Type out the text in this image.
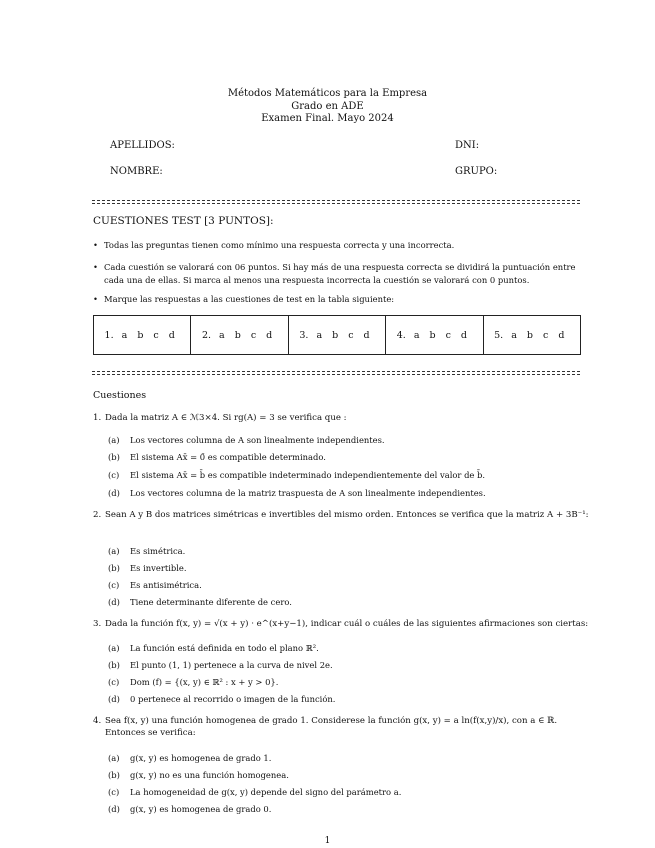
Métodos Matemáticos para la Empresa
Grado en ADE
Examen Final. Mayo 2024
APELLIDOS:	DNI:
NOMBRE:	GRUPO:
CUESTIONES TEST [3 PUNTOS]:
• Todas las preguntas tienen como mínimo una respuesta correcta y una incorrecta.
• Cada cuestión se valorará con 06 puntos. Si hay más de una respuesta correcta se dividirá la puntuación entre cada una de ellas. Si marca al menos una respuesta incorrecta la cuestión se valorará con 0 puntos.
• Marque las respuestas a las cuestiones de test en la tabla siguiente:
1. a b c d	2. a b c d	3. a b c d	4. a b c d	5. a b c d
Cuestiones
1. Dada la matriz A ∈ ℳ3×4. Si rg(A) = 3 se verifica que :
(a) Los vectores columna de A son linealmente independientes.
(b) El sistema Ax̄ = 0̄ es compatible determinado.
(c) El sistema Ax̄ = b̄ es compatible indeterminado independientemente del valor de b̄.
(d) Los vectores columna de la matriz traspuesta de A son linealmente independientes.
2. Sean A y B dos matrices simétricas e invertibles del mismo orden. Entonces se verifica que la matriz A + 3B⁻¹:
(a) Es simétrica.
(b) Es invertible.
(c) Es antisimétrica.
(d) Tiene determinante diferente de cero.
3. Dada la función f(x, y) = √(x + y) · e^(x+y−1), indicar cuál o cuáles de las siguientes afirmaciones son ciertas:
(a) La función está definida en todo el plano ℝ².
(b) El punto (1, 1) pertenece a la curva de nivel 2e.
(c) Dom (f) = {(x, y) ∈ ℝ² : x + y > 0}.
(d) 0 pertenece al recorrido o imagen de la función.
4. Sea f(x, y) una función homogenea de grado 1. Considerese la función g(x, y) = a ln(f(x,y)/x), con a ∈ ℝ. Entonces se verifica:
(a) g(x, y) es homogenea de grado 1.
(b) g(x, y) no es una función homogenea.
(c) La homogeneidad de g(x, y) depende del signo del parámetro a.
(d) g(x, y) es homogenea de grado 0.
1
